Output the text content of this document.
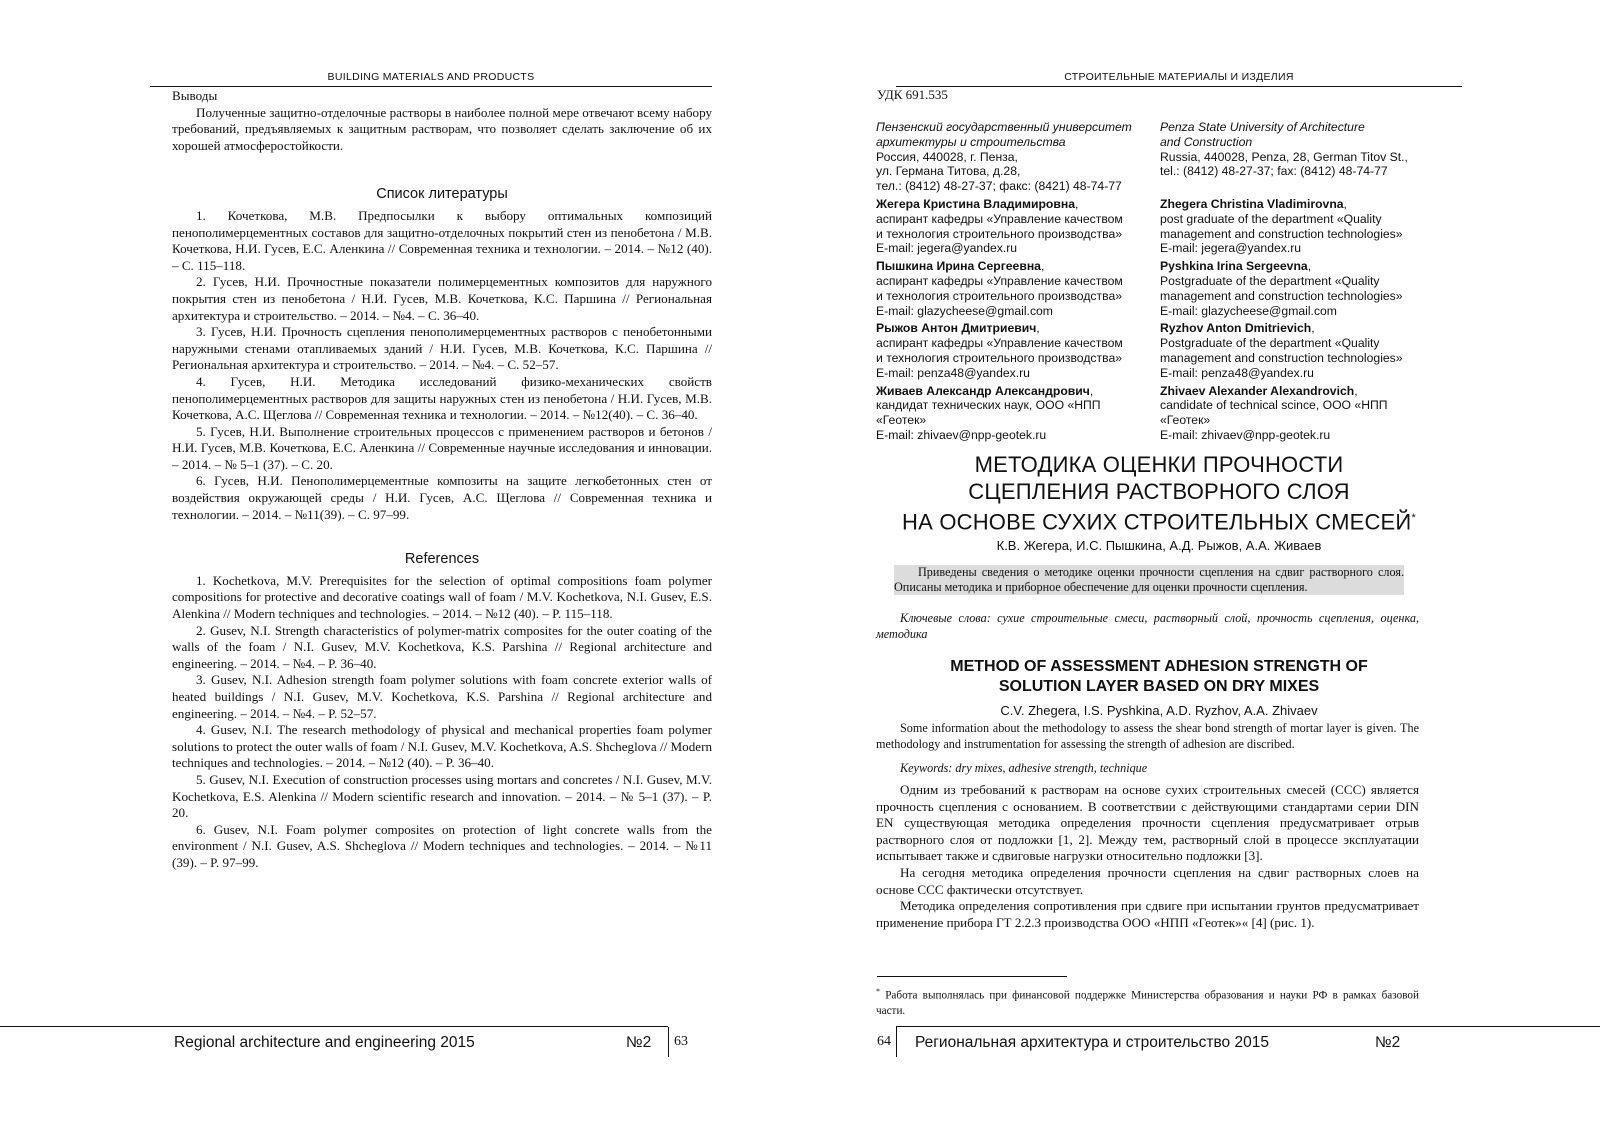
BUILDING MATERIALS AND PRODUCTS

Выводы

Полученные защитно-отделочные растворы в наиболее полной мере отвечают всему набору требований, предъявляемых к защитным растворам, что позволяет сделать заключение об их хорошей атмосферостойкости.

Список литературы

1. Кочеткова, М.В. Предпосылки к выбору оптимальных композиций пенополимерцементных составов для защитно-отделочных покрытий стен из пенобетона / М.В. Кочеткова, Н.И. Гусев, Е.С. Аленкина // Современная техника и технологии. – 2014. – №12 (40). – С. 115–118.

2. Гусев, Н.И. Прочностные показатели полимерцементных композитов для наружного покрытия стен из пенобетона / Н.И. Гусев, М.В. Кочеткова, К.С. Паршина // Региональная архитектура и строительство. – 2014. – №4. – С. 36–40.

3. Гусев, Н.И. Прочность сцепления пенополимерцементных растворов с пенобетонными наружными стенами отапливаемых зданий / Н.И. Гусев, М.В. Кочеткова, К.С. Паршина // Региональная архитектура и строительство. – 2014. – №4. – С. 52–57.

4. Гусев, Н.И. Методика исследований физико-механических свойств пенополимерцементных растворов для защиты наружных стен из пенобетона / Н.И. Гусев, М.В. Кочеткова, А.С. Щеглова // Современная техника и технологии. – 2014. – №12(40). – С. 36–40.

5. Гусев, Н.И. Выполнение строительных процессов с применением растворов и бетонов / Н.И. Гусев, М.В. Кочеткова, Е.С. Аленкина // Современные научные исследования и инновации. – 2014. – № 5–1 (37). – С. 20.

6. Гусев, Н.И. Пенополимерцементные композиты на защите легкобетонных стен от воздействия окружающей среды / Н.И. Гусев, А.С. Щеглова // Современная техника и технологии. – 2014. – №11(39). – С. 97–99.

References

1. Kochetkova, M.V. Prerequisites for the selection of optimal compositions foam polymer compositions for protective and decorative coatings wall of foam / M.V. Kochetkova, N.I. Gusev, E.S. Alenkina // Modern techniques and technologies. – 2014. – №12 (40). – P. 115–118.

2. Gusev, N.I. Strength characteristics of polymer-matrix composites for the outer coating of the walls of the foam / N.I. Gusev, M.V. Kochetkova, K.S. Parshina // Regional architecture and engineering. – 2014. – №4. – P. 36–40.

3. Gusev, N.I. Adhesion strength foam polymer solutions with foam concrete exterior walls of heated buildings / N.I. Gusev, M.V. Kochetkova, K.S. Parshina // Regional architecture and engineering. – 2014. – №4. – P. 52–57.

4. Gusev, N.I. The research methodology of physical and mechanical properties foam polymer solutions to protect the outer walls of foam / N.I. Gusev, M.V. Kochetkova, A.S. Shcheglova // Modern techniques and technologies. – 2014. – №12 (40). – P. 36–40.

5. Gusev, N.I. Execution of construction processes using mortars and concretes / N.I. Gusev, M.V. Kochetkova, E.S. Alenkina // Modern scientific research and innovation. – 2014. – № 5–1 (37). – P. 20.

6. Gusev, N.I. Foam polymer composites on protection of light concrete walls from the environment / N.I. Gusev, A.S. Shcheglova // Modern techniques and technologies. – 2014. – №11 (39). – P. 97–99.

Regional architecture and engineering 2015	№2	63
СТРОИТЕЛЬНЫЕ МАТЕРИАЛЫ И ИЗДЕЛИЯ
УДК 691.535
Пензенский государственный университет
архитектуры и строительства
Россия, 440028, г. Пенза,
ул. Германа Титова, д.28,
тел.: (8412) 48-27-37; факс: (8421) 48-74-77
Penza State University of Architecture
and Construction
Russia, 440028, Penza, 28, German Titov St.,
tel.: (8412) 48-27-37; fax: (8412) 48-74-77
Жегера Кристина Владимировна,
аспирант кафедры «Управление качеством
и технология строительного производства»
E-mail: jegera@yandex.ru
Zhegera Christina Vladimirovna,
post graduate of the department «Quality
management and construction technologies»
E-mail: jegera@yandex.ru
Пышкина Ирина Сергеевна,
аспирант кафедры «Управление качеством
и технология строительного производства»
E-mail: glazycheese@gmail.com
Pyshkina Irina Sergeevna,
Postgraduate of the department «Quality
management and construction technologies»
E-mail: glazycheese@gmail.com
Рыжов Антон Дмитриевич,
аспирант кафедры «Управление качеством
и технология строительного производства»
E-mail: penza48@yandex.ru
Ryzhov Anton Dmitrievich,
Postgraduate of the department «Quality
management and construction technologies»
E-mail: penza48@yandex.ru
Живаев Александр Александрович,
кандидат технических наук, ООО «НПП
«Геотек»
E-mail: zhivaev@npp-geotek.ru
Zhivaev Alexander Alexandrovich,
candidate of technical scince, ООО «НПП
«Геотек»
E-mail: zhivaev@npp-geotek.ru
МЕТОДИКА ОЦЕНКИ ПРОЧНОСТИ
СЦЕПЛЕНИЯ РАСТВОРНОГО СЛОЯ
НА ОСНОВЕ СУХИХ СТРОИТЕЛЬНЫХ СМЕСЕЙ*
К.В. Жегера, И.С. Пышкина, А.Д. Рыжов, А.А. Живаев
Приведены сведения о методике оценки прочности сцепления на сдвиг растворного слоя. Описаны методика и приборное обеспечение для оценки прочности сцепления.
Ключевые слова: сухие строительные смеси, растворный слой, прочность сцепления, оценка, методика
METHOD OF ASSESSMENT ADHESION STRENGTH OF
SOLUTION LAYER BASED ON DRY MIXES
C.V. Zhegera, I.S. Pyshkina, A.D. Ryzhov, A.A. Zhivaev
Some information about the methodology to assess the shear bond strength of mortar layer is given. The methodology and instrumentation for assessing the strength of adhesion are discribed.
Keywords: dry mixes, adhesive strength, technique

Одним из требований к растворам на основе сухих строительных смесей (ССС) является прочность сцепления с основанием. В соответствии с действующими стандартами серии DIN EN существующая методика определения прочности сцепления предусматривает отрыв растворного слоя от подложки [1, 2]. Между тем, растворный слой в процессе эксплуатации испытывает также и сдвиговые нагрузки относительно подложки [3].

На сегодня методика определения прочности сцепления на сдвиг растворных слоев на основе ССС фактически отсутствует.

Методика определения сопротивления при сдвиге при испытании грунтов предусматривает применение прибора ГТ 2.2.3 производства ООО «НПП «Геотек»« [4] (рис. 1).

* Работа выполнялась при финансовой поддержке Министерства образования и науки РФ в рамках базовой части.
64	Региональная архитектура и строительство 2015	№2
